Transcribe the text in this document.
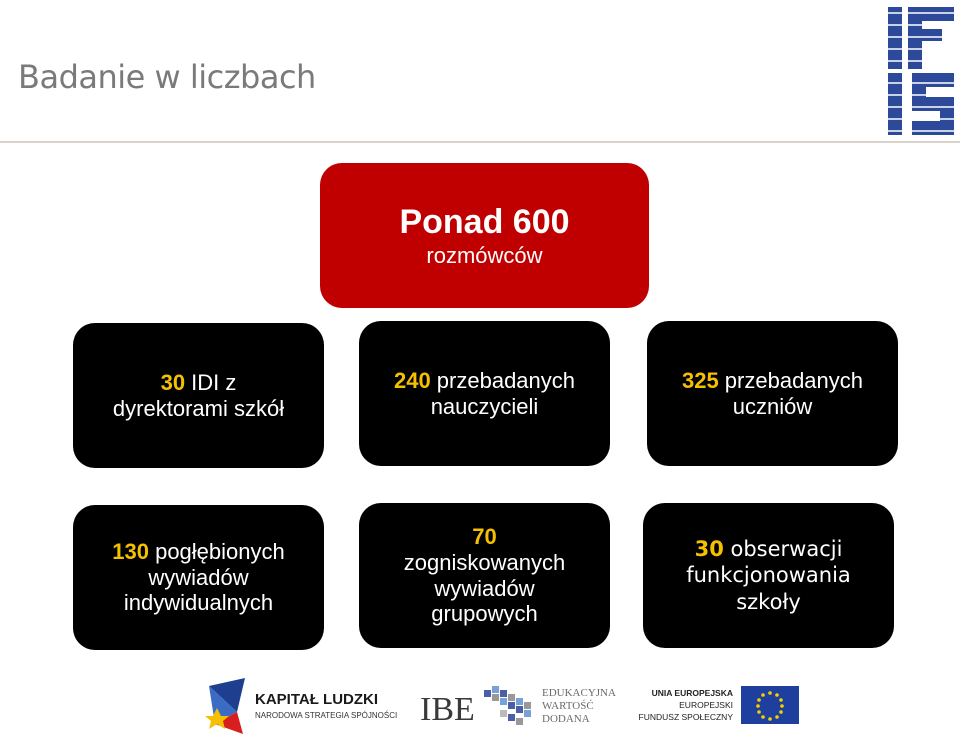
Badanie w liczbach
Ponad 600
rozmówców
30 IDI z
dyrektorami szkół
240 przebadanych
nauczycieli
325 przebadanych
uczniów
130 pogłębionych
wywiadów
indywidualnych
70
zogniskowanych
wywiadów
grupowych
30 obserwacji
funkcjonowania
szkoły
KAPITAŁ LUDZKI
NARODOWA STRATEGIA SPÓJNOŚCI IBE	EDUKACYJNA
WARTOŚĆ
DODANA
UNIA EUROPEJSKA
EUROPEJSKI
FUNDUSZ SPOŁECZNY
